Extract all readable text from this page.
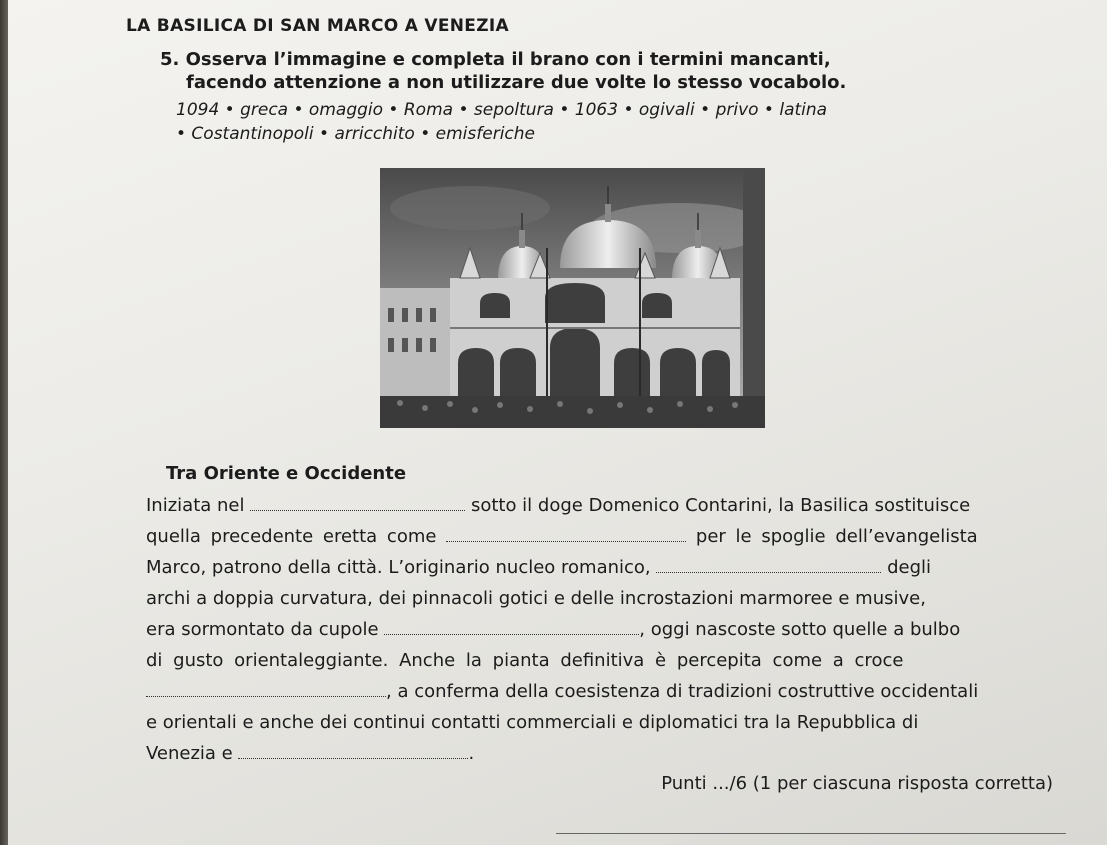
LA BASILICA DI SAN MARCO A VENEZIA
5. Osserva l’immagine e completa il brano con i termini mancanti,
facendo attenzione a non utilizzare due volte lo stesso vocabolo.
1094 • greca • omaggio • Roma • sepoltura • 1063 • ogivali • privo • latina
• Costantinopoli • arricchito • emisferiche
Tra Oriente e Occidente
Iniziata nel	sotto il doge Domenico Contarini, la Basilica sostituisce
quella precedente eretta come	per le spoglie dell’evangelista
Marco, patrono della città. L’originario nucleo romanico,	degli
archi a doppia curvatura, dei pinnacoli gotici e delle incrostazioni marmoree e musive,
era sormontato da cupole	, oggi nascoste sotto quelle a bulbo
di gusto orientaleggiante. Anche la pianta definitiva è percepita come a croce
, a conferma della coesistenza di tradizioni costruttive occidentali
e orientali e anche dei continui contatti commerciali e diplomatici tra la Repubblica di
Venezia e	.
Punti .../6 (1 per ciascuna risposta corretta)
